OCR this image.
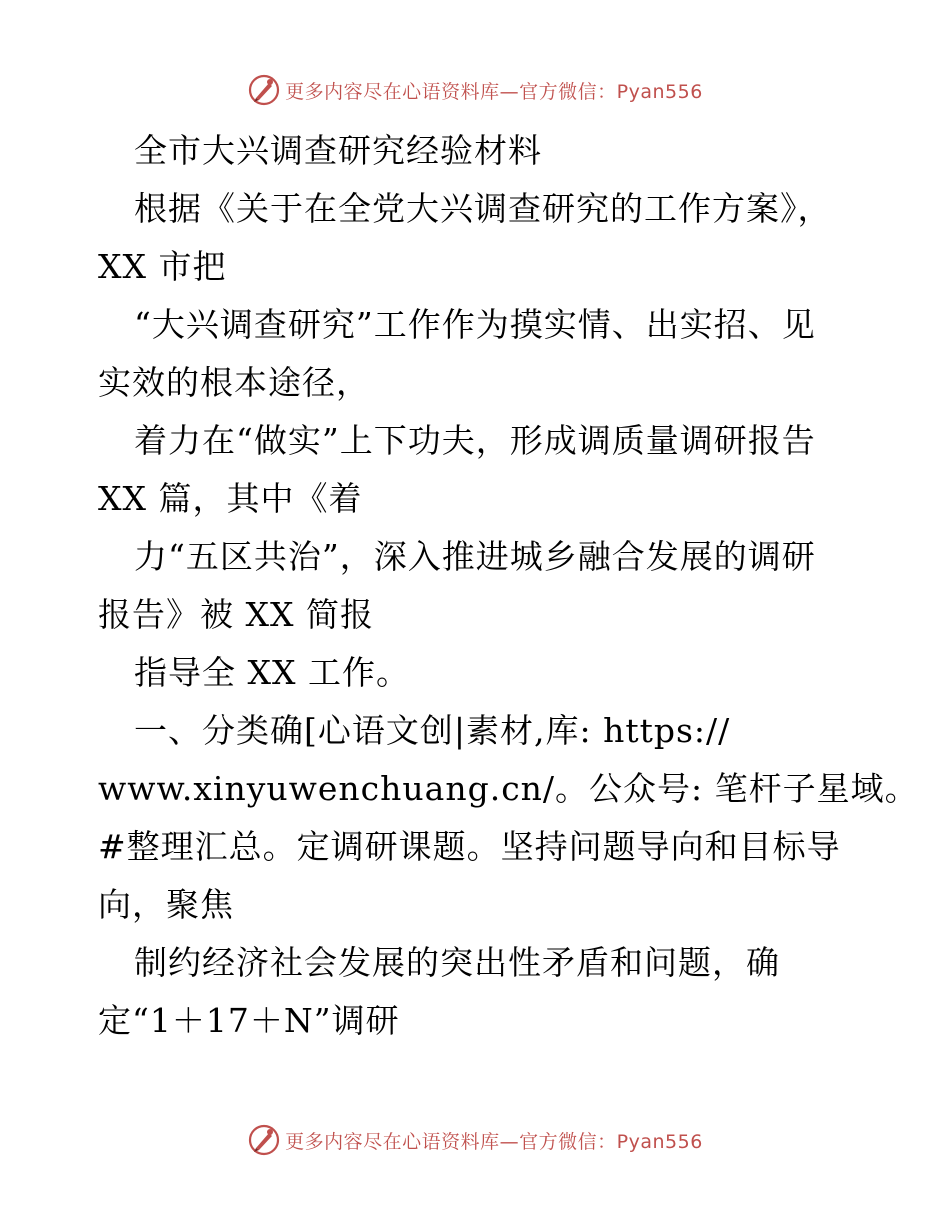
更多内容尽在心语资料库—官方微信：Pyan556
全市大兴调查研究经验材料
根据《关于在全党大兴调查研究的工作方案》，
XX 市把
“大兴调查研究”工作作为摸实情、出实招、见
实效的根本途径，
着力在“做实”上下功夫，形成调质量调研报告
XX 篇，其中《着
力“五区共治”，深入推进城乡融合发展的调研
报告》被 XX 简报
指导全 XX 工作。
一、分类确[心语文创|素材,库: https://
www.xinyuwenchuang.cn/。公众号: 笔杆子星域。
#整理汇总。定调研课题。坚持问题导向和目标导
向，聚焦
制约经济社会发展的突出性矛盾和问题，确
定“1＋17＋N”调研
更多内容尽在心语资料库—官方微信：Pyan556
